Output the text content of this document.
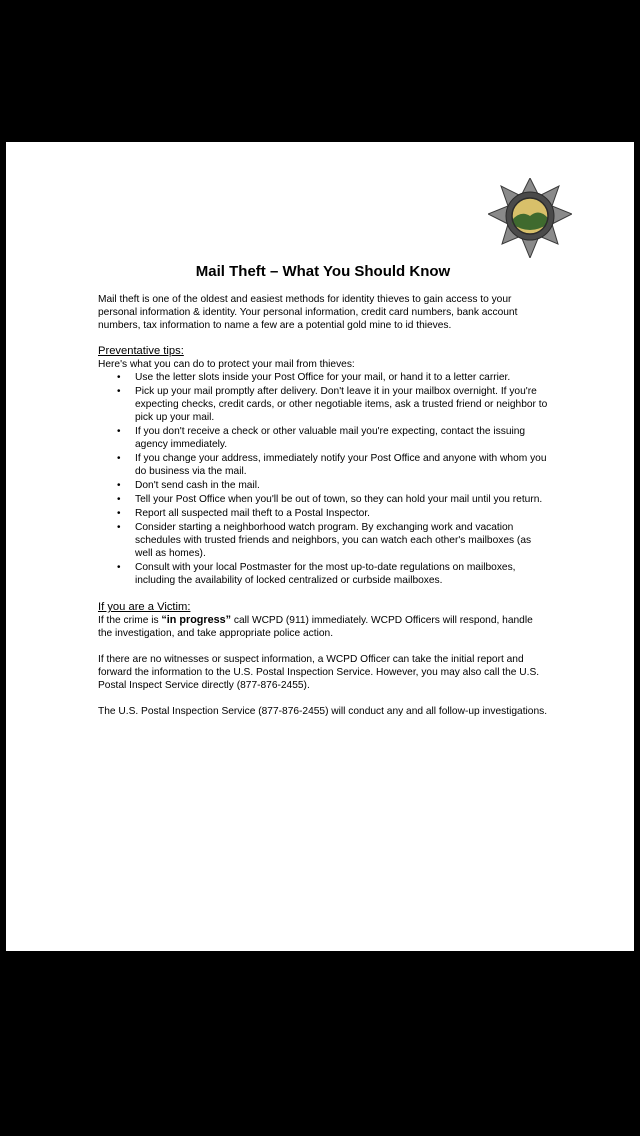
Mail Theft – What You Should Know

Mail theft is one of the oldest and easiest methods for identity thieves to gain access to your personal information & identity. Your personal information, credit card numbers, bank account numbers, tax information to name a few are a potential gold mine to id thieves.

Preventative tips:

Here's what you can do to protect your mail from thieves:

• Use the letter slots inside your Post Office for your mail, or hand it to a letter carrier.
• Pick up your mail promptly after delivery. Don't leave it in your mailbox overnight. If you're expecting checks, credit cards, or other negotiable items, ask a trusted friend or neighbor to pick up your mail.
• If you don't receive a check or other valuable mail you're expecting, contact the issuing agency immediately.
• If you change your address, immediately notify your Post Office and anyone with whom you do business via the mail.
• Don't send cash in the mail.
• Tell your Post Office when you'll be out of town, so they can hold your mail until you return.
• Report all suspected mail theft to a Postal Inspector.
• Consider starting a neighborhood watch program. By exchanging work and vacation schedules with trusted friends and neighbors, you can watch each other's mailboxes (as well as homes).
• Consult with your local Postmaster for the most up-to-date regulations on mailboxes, including the availability of locked centralized or curbside mailboxes.

If you are a Victim:

If the crime is “in progress” call WCPD (911) immediately. WCPD Officers will respond, handle the investigation, and take appropriate police action.

If there are no witnesses or suspect information, a WCPD Officer can take the initial report and forward the information to the U.S. Postal Inspection Service. However, you may also call the U.S. Postal Inspect Service directly (877-876-2455).

The U.S. Postal Inspection Service (877-876-2455) will conduct any and all follow-up investigations.
